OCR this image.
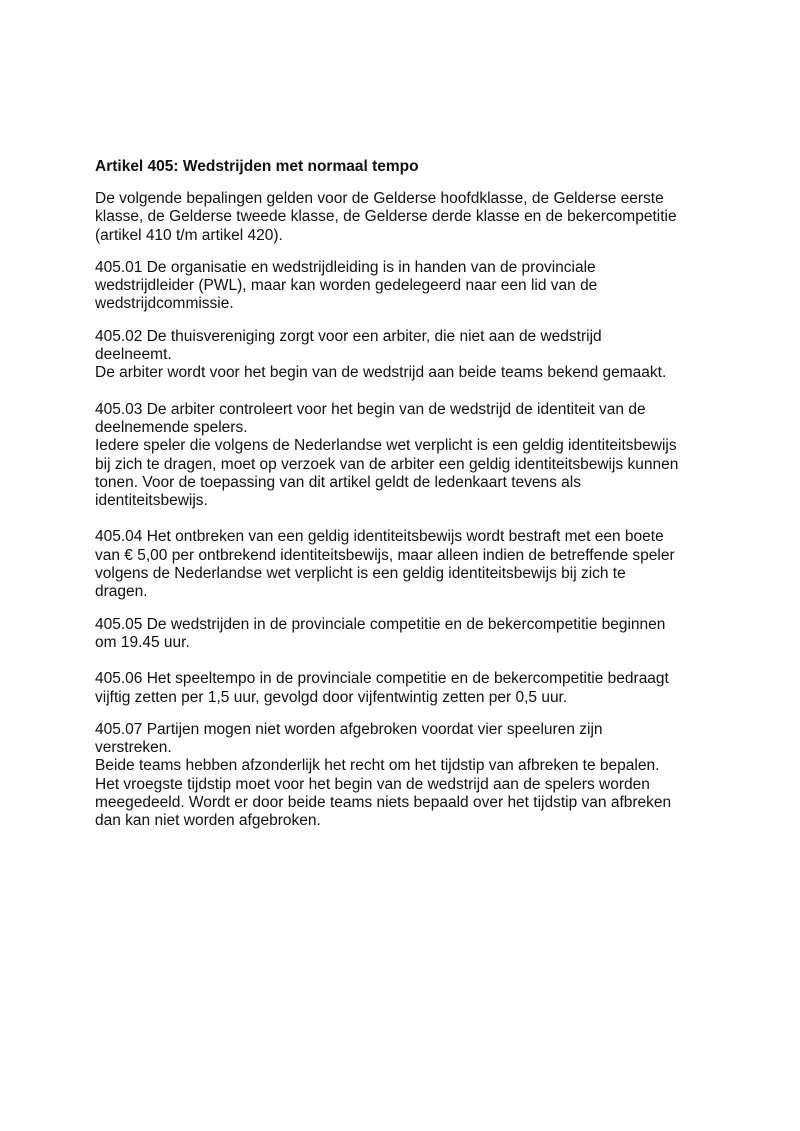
Artikel 405: Wedstrijden met normaal tempo

De volgende bepalingen gelden voor de Gelderse hoofdklasse, de Gelderse eerste
klasse, de Gelderse tweede klasse, de Gelderse derde klasse en de bekercompetitie
(artikel 410 t/m artikel 420).

405.01 De organisatie en wedstrijdleiding is in handen van de provinciale
wedstrijdleider (PWL), maar kan worden gedelegeerd naar een lid van de
wedstrijdcommissie.

405.02 De thuisvereniging zorgt voor een arbiter, die niet aan de wedstrijd
deelneemt.
De arbiter wordt voor het begin van de wedstrijd aan beide teams bekend gemaakt.

405.03 De arbiter controleert voor het begin van de wedstrijd de identiteit van de
deelnemende spelers.
Iedere speler die volgens de Nederlandse wet verplicht is een geldig identiteitsbewijs
bij zich te dragen, moet op verzoek van de arbiter een geldig identiteitsbewijs kunnen
tonen. Voor de toepassing van dit artikel geldt de ledenkaart tevens als
identiteitsbewijs.

405.04 Het ontbreken van een geldig identiteitsbewijs wordt bestraft met een boete
van € 5,00 per ontbrekend identiteitsbewijs, maar alleen indien de betreffende speler
volgens de Nederlandse wet verplicht is een geldig identiteitsbewijs bij zich te
dragen.

405.05 De wedstrijden in de provinciale competitie en de bekercompetitie beginnen
om 19.45 uur.

405.06 Het speeltempo in de provinciale competitie en de bekercompetitie bedraagt
vijftig zetten per 1,5 uur, gevolgd door vijfentwintig zetten per 0,5 uur.

405.07 Partijen mogen niet worden afgebroken voordat vier speeluren zijn
verstreken.
Beide teams hebben afzonderlijk het recht om het tijdstip van afbreken te bepalen.
Het vroegste tijdstip moet voor het begin van de wedstrijd aan de spelers worden
meegedeeld. Wordt er door beide teams niets bepaald over het tijdstip van afbreken
dan kan niet worden afgebroken.
